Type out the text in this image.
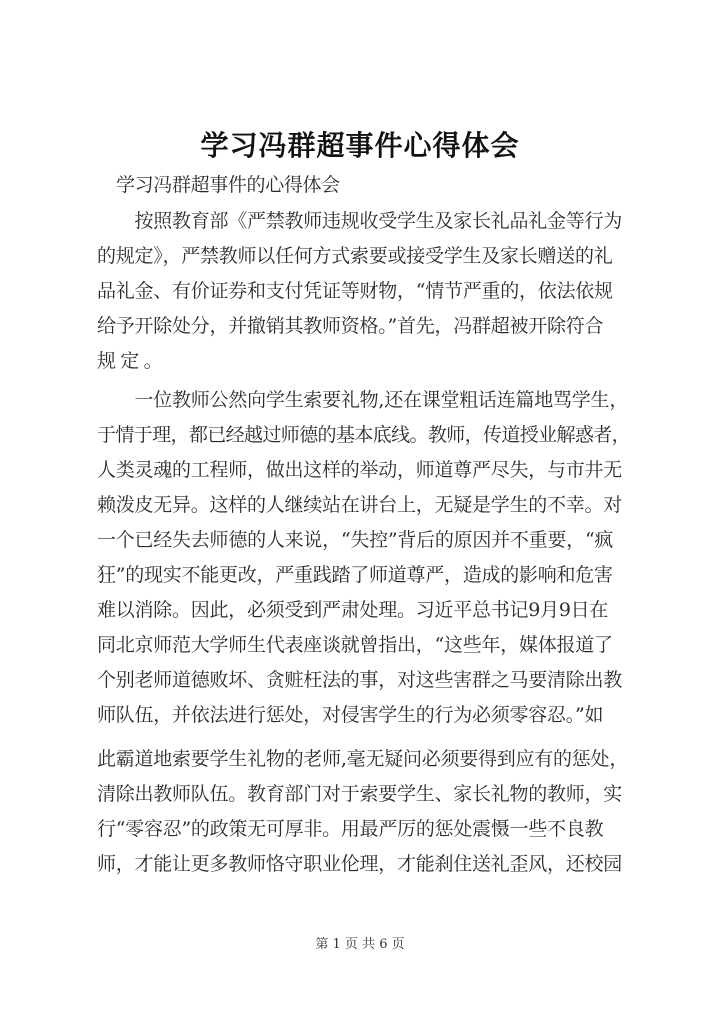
学习冯群超事件心得体会
学习冯群超事件的心得体会
　　按照教育部《严禁教师违规收受学生及家长礼品礼金等行为
的规定》，严禁教师以任何方式索要或接受学生及家长赠送的礼
品礼金、有价证券和支付凭证等财物，“情节严重的，依法依规
给予开除处分，并撤销其教师资格。”首先，冯群超被开除符合
规定。
　　一位教师公然向学生索要礼物,还在课堂粗话连篇地骂学生，
于情于理，都已经越过师德的基本底线。教师，传道授业解惑者，
人类灵魂的工程师，做出这样的举动，师道尊严尽失，与市井无
赖泼皮无异。这样的人继续站在讲台上，无疑是学生的不幸。对
一个已经失去师德的人来说，“失控”背后的原因并不重要，“疯
狂”的现实不能更改，严重践踏了师道尊严，造成的影响和危害
难以消除。因此，必须受到严肃处理。习近平总书记9月9日在
同北京师范大学师生代表座谈就曾指出，“这些年，媒体报道了
个别老师道德败坏、贪赃枉法的事，对这些害群之马要清除出教
师队伍，并依法进行惩处，对侵害学生的行为必须零容忍。”如
此霸道地索要学生礼物的老师,毫无疑问必须要得到应有的惩处，
清除出教师队伍。教育部门对于索要学生、家长礼物的教师，实
行“零容忍”的政策无可厚非。用最严厉的惩处震慑一些不良教
师，才能让更多教师恪守职业伦理，才能刹住送礼歪风，还校园
第 1 页 共 6 页
